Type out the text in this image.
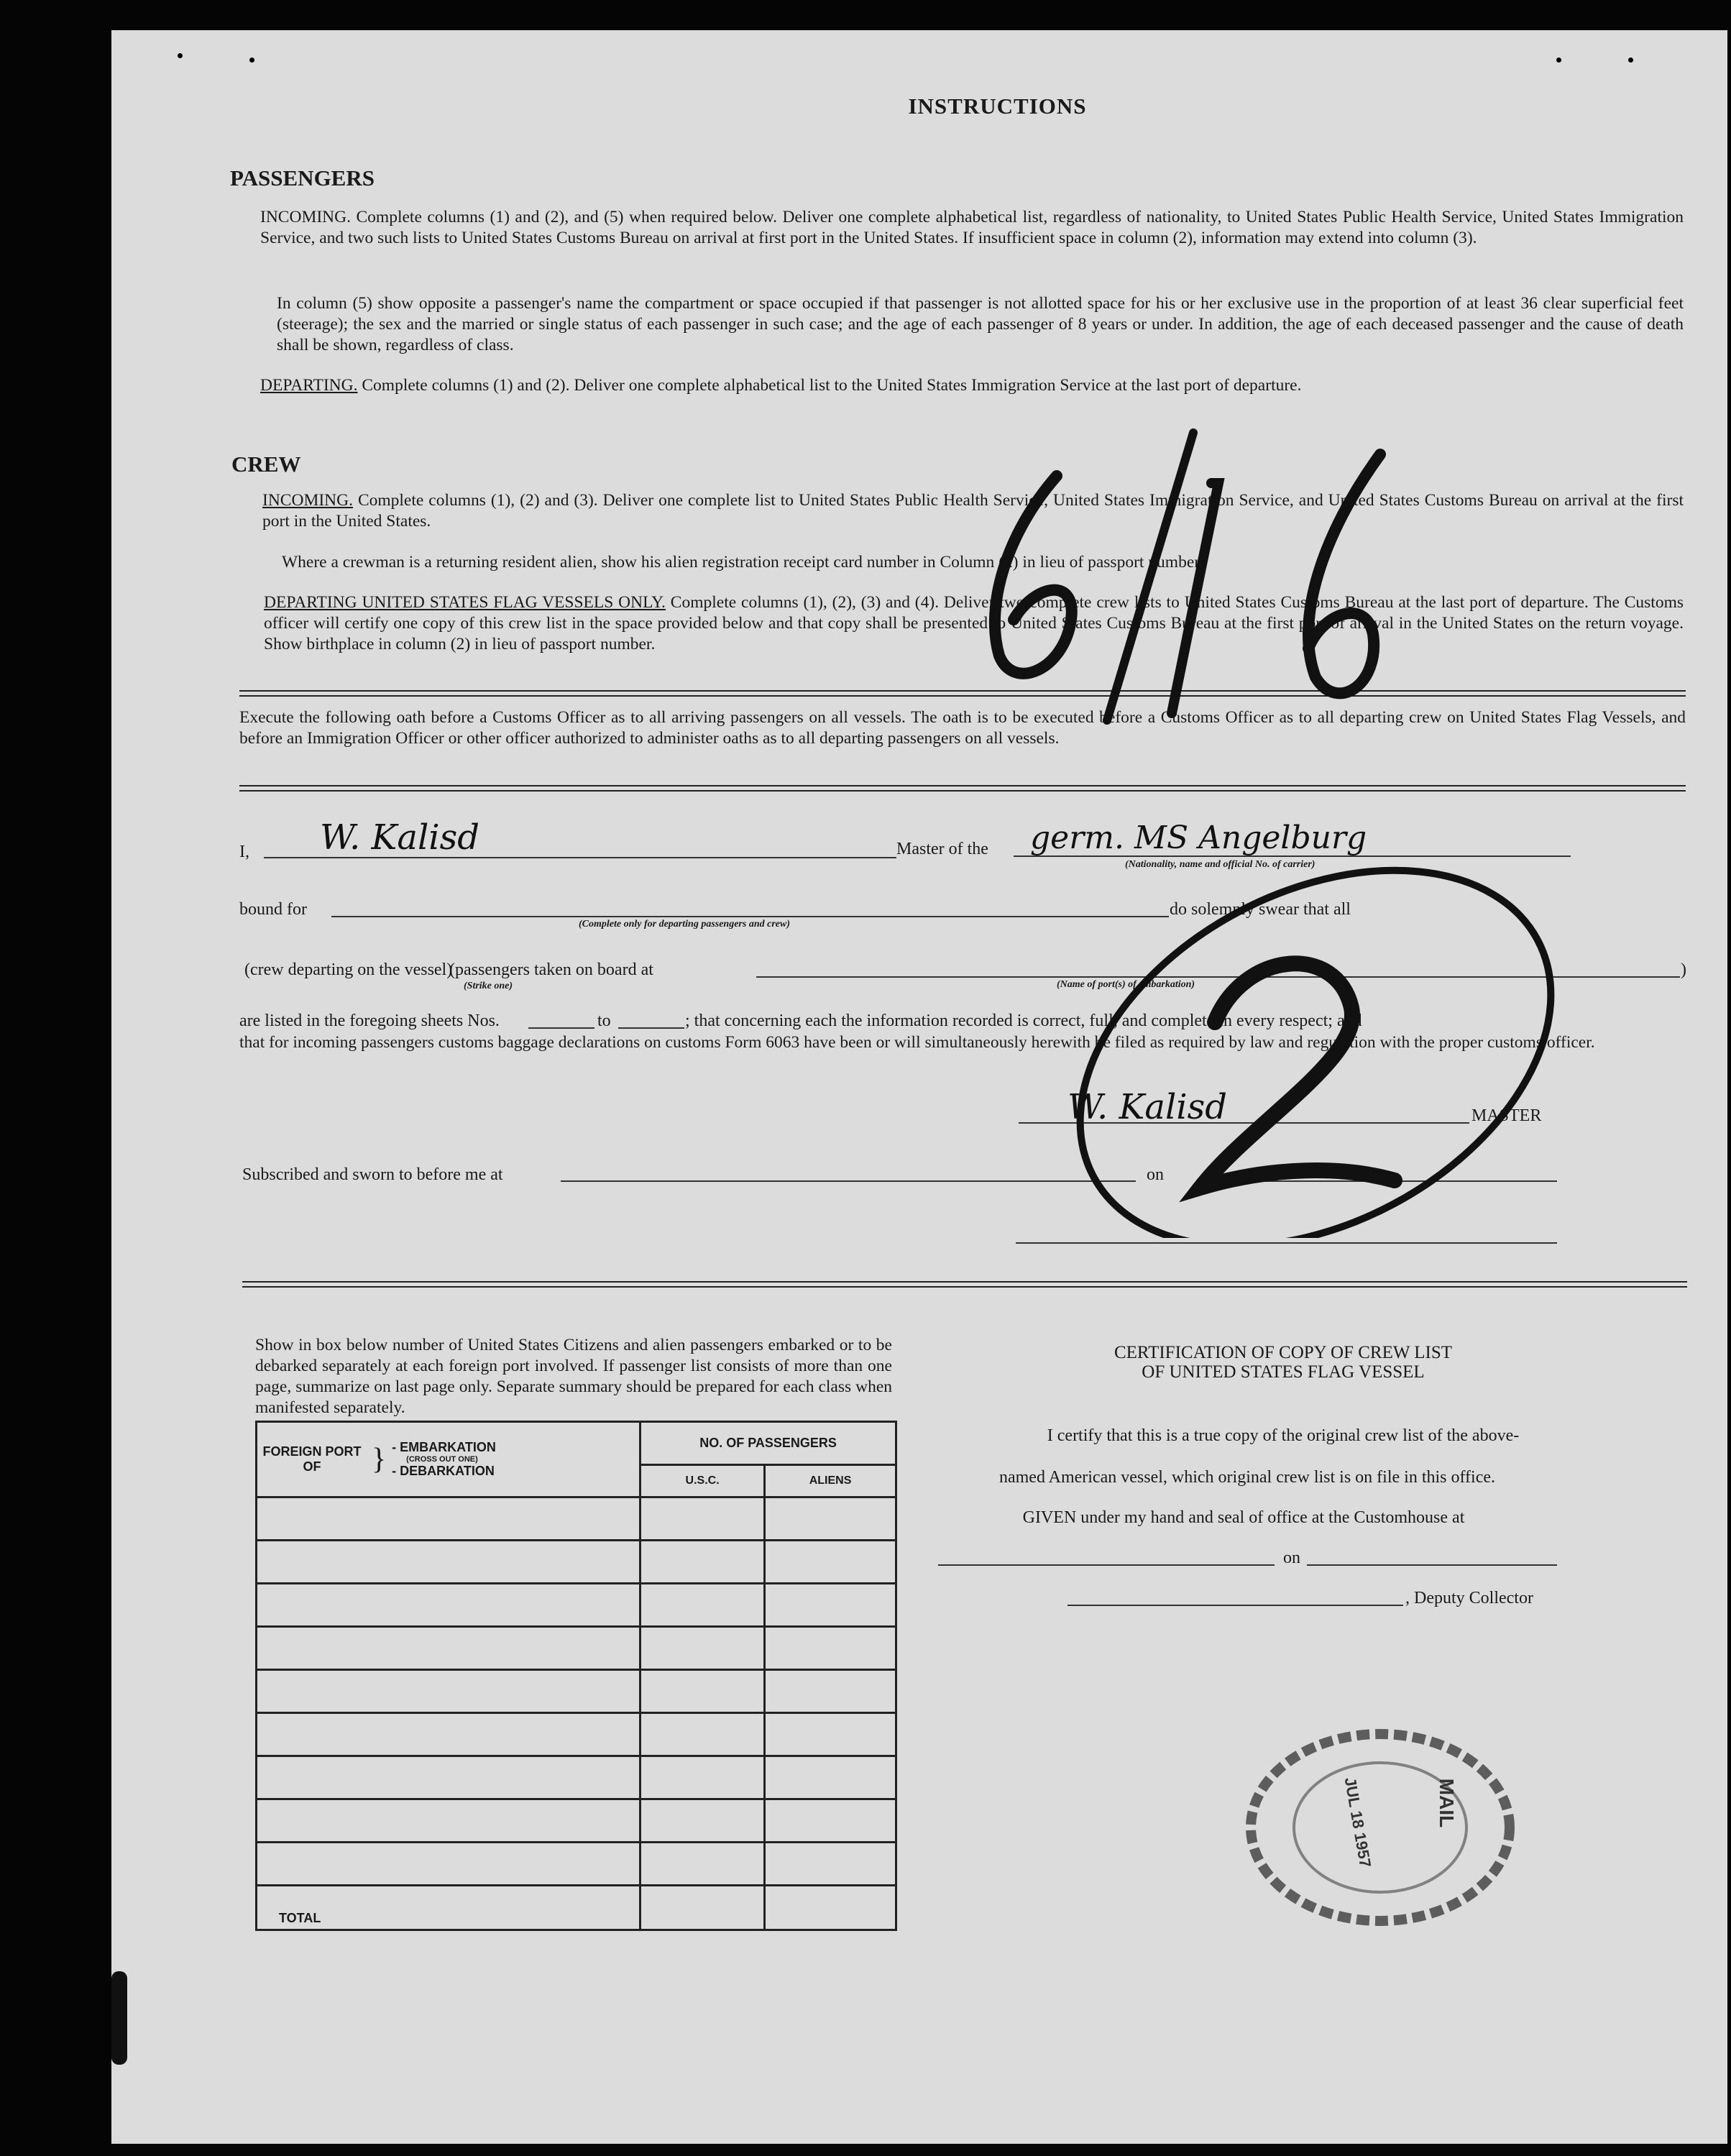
INSTRUCTIONS
PASSENGERS
INCOMING. Complete columns (1) and (2), and (5) when required below. Deliver one complete alphabetical list, regardless of nationality, to United States Public Health Service, United States Immigration Service, and two such lists to United States Customs Bureau on arrival at first port in the United States. If insufficient space in column (2), information may extend into column (3).
In column (5) show opposite a passenger's name the compartment or space occupied if that passenger is not allotted space for his or her exclusive use in the proportion of at least 36 clear superficial feet (steerage); the sex and the married or single status of each passenger in such case; and the age of each passenger of 8 years or under. In addition, the age of each deceased passenger and the cause of death shall be shown, regardless of class.
DEPARTING. Complete columns (1) and (2). Deliver one complete alphabetical list to the United States Immigration Service at the last port of departure.
CREW
INCOMING. Complete columns (1), (2) and (3). Deliver one complete list to United States Public Health Service, United States Immigration Service, and United States Customs Bureau on arrival at the first port in the United States.
Where a crewman is a returning resident alien, show his alien registration receipt card number in Column (2) in lieu of passport number.
DEPARTING UNITED STATES FLAG VESSELS ONLY. Complete columns (1), (2), (3) and (4). Deliver two complete crew lists to United States Customs Bureau at the last port of departure. The Customs officer will certify one copy of this crew list in the space provided below and that copy shall be presented to United States Customs Bureau at the first port of arrival in the United States on the return voyage. Show birthplace in column (2) in lieu of passport number.
Execute the following oath before a Customs Officer as to all arriving passengers on all vessels. The oath is to be executed before a Customs Officer as to all departing crew on United States Flag Vessels, and before an Immigration Officer or other officer authorized to administer oaths as to all departing passengers on all vessels.
I, W. Kalisd	Master of the germ. MS Angelburg
(Nationality, name and official No. of carrier)
bound for
(Complete only for departing passengers and crew)
do solemnly swear that all
(crew departing on the vessel)
(Strike one)
(passengers taken on board at
(Name of port(s) of embarkation)
)
are listed in the foregoing sheets Nos.	to	; that concerning each the information recorded is correct, full, and complete in every respect; and
that for incoming passengers customs baggage declarations on customs Form 6063 have been or will simultaneously herewith be filed as required by law and regulation with the proper customs officer.
W. Kalisd	MASTER
Subscribed and sworn to before me at	on
Show in box below number of United States Citizens and alien passengers embarked or to be debarked separately at each foreign port involved. If passenger list consists of more than one page, summarize on last page only. Separate summary should be prepared for each class when manifested separately.
FOREIGN PORT OF } - EMBARKATION
(CROSS OUT ONE)
- DEBARKATION	NO. OF PASSENGERS	
	U.S.C.	ALIENS

TOTAL		

CERTIFICATION OF COPY OF CREW LIST
OF UNITED STATES FLAG VESSEL
I certify that this is a true copy of the original crew list of the above-
named American vessel, which original crew list is on file in this office.
GIVEN under my hand and seal of office at the Customhouse at
on
, Deputy Collector
MAIL
JUL 18 1957
